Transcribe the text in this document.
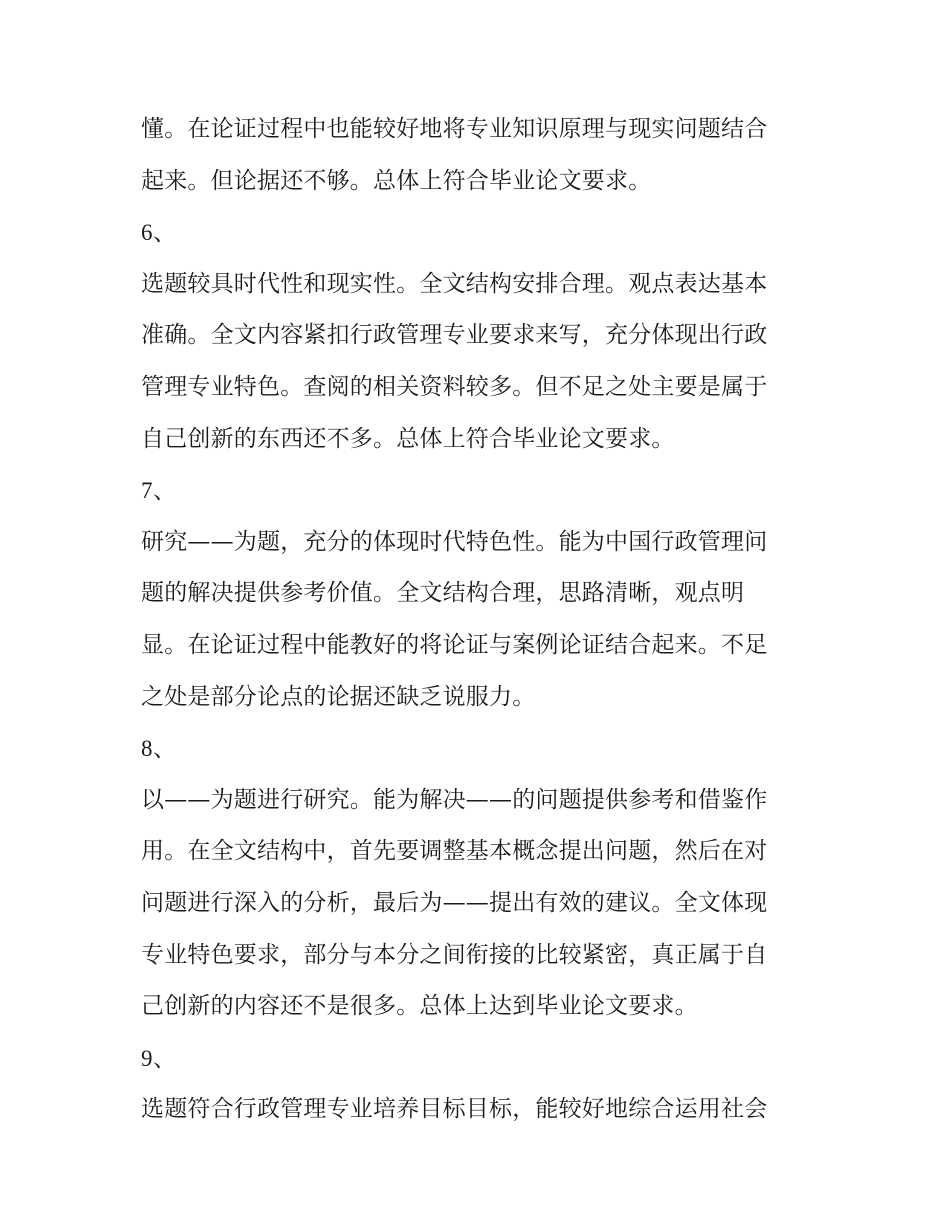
懂。在论证过程中也能较好地将专业知识原理与现实问题结合
起来。但论据还不够。总体上符合毕业论文要求。
6、
选题较具时代性和现实性。全文结构安排合理。观点表达基本
准确。全文内容紧扣行政管理专业要求来写，充分体现出行政
管理专业特色。查阅的相关资料较多。但不足之处主要是属于
自己创新的东西还不多。总体上符合毕业论文要求。
7、
研究——为题，充分的体现时代特色性。能为中国行政管理问
题的解决提供参考价值。全文结构合理，思路清晰，观点明
显。在论证过程中能教好的将论证与案例论证结合起来。不足
之处是部分论点的论据还缺乏说服力。
8、
以——为题进行研究。能为解决——的问题提供参考和借鉴作
用。在全文结构中，首先要调整基本概念提出问题，然后在对
问题进行深入的分析，最后为——提出有效的建议。全文体现
专业特色要求，部分与本分之间衔接的比较紧密，真正属于自
己创新的内容还不是很多。总体上达到毕业论文要求。
9、
选题符合行政管理专业培养目标目标，能较好地综合运用社会
